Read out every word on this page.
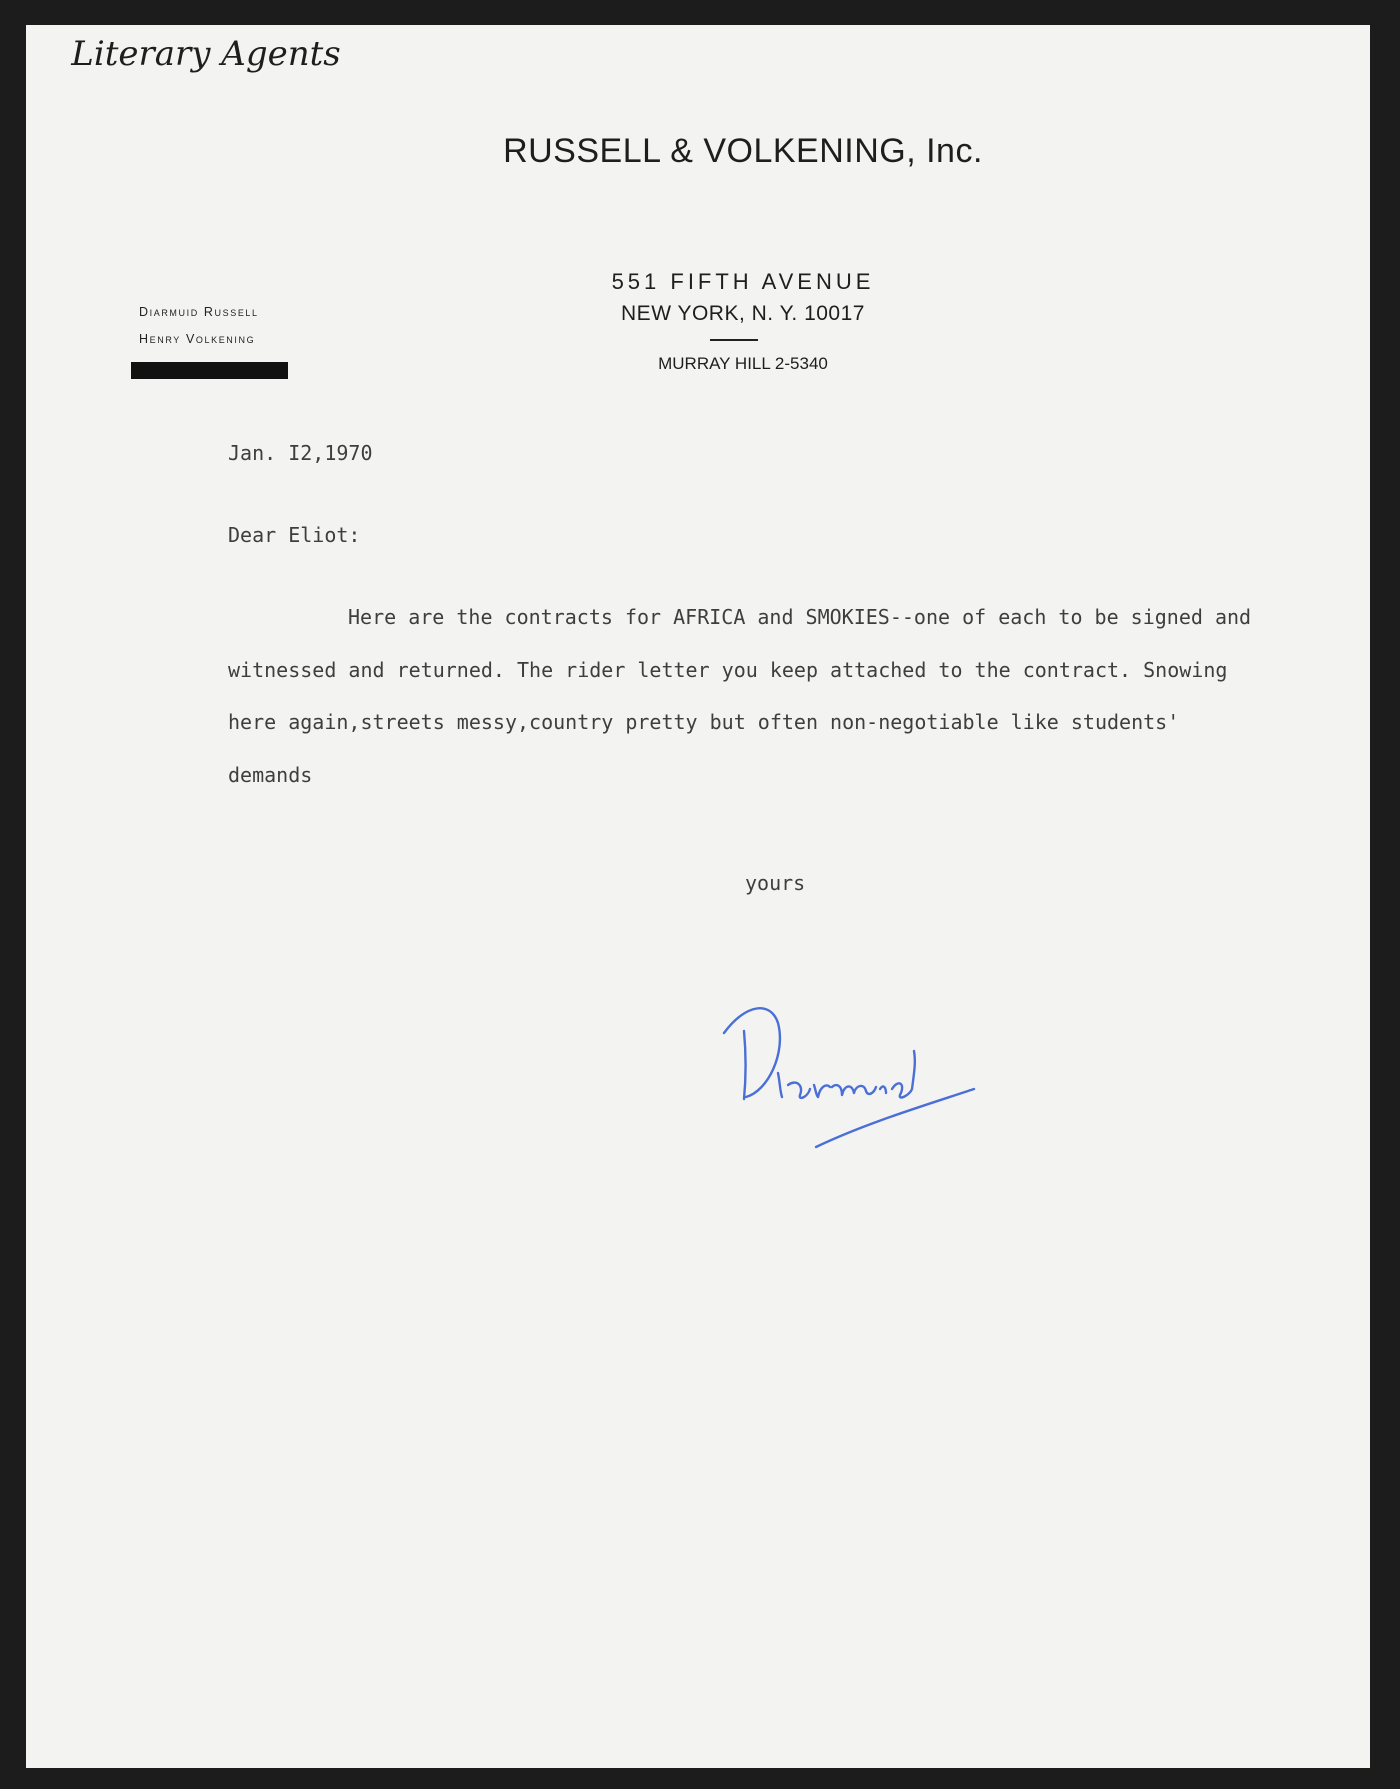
RUSSELL & VOLKENING, Inc.
Literary Agents
551 FIFTH AVENUE
NEW YORK, N. Y. 10017
MURRAY HILL 2-5340
Diarmuid Russell
Henry Volkening
Jan. I2,1970
Dear Eliot:
Here are the contracts for AFRICA and SMOKIES--one of each to be signed and
witnessed and returned. The rider letter you keep attached to the contract. Snowing
here again,streets messy,country pretty but often non-negotiable like students'
demands
yours
